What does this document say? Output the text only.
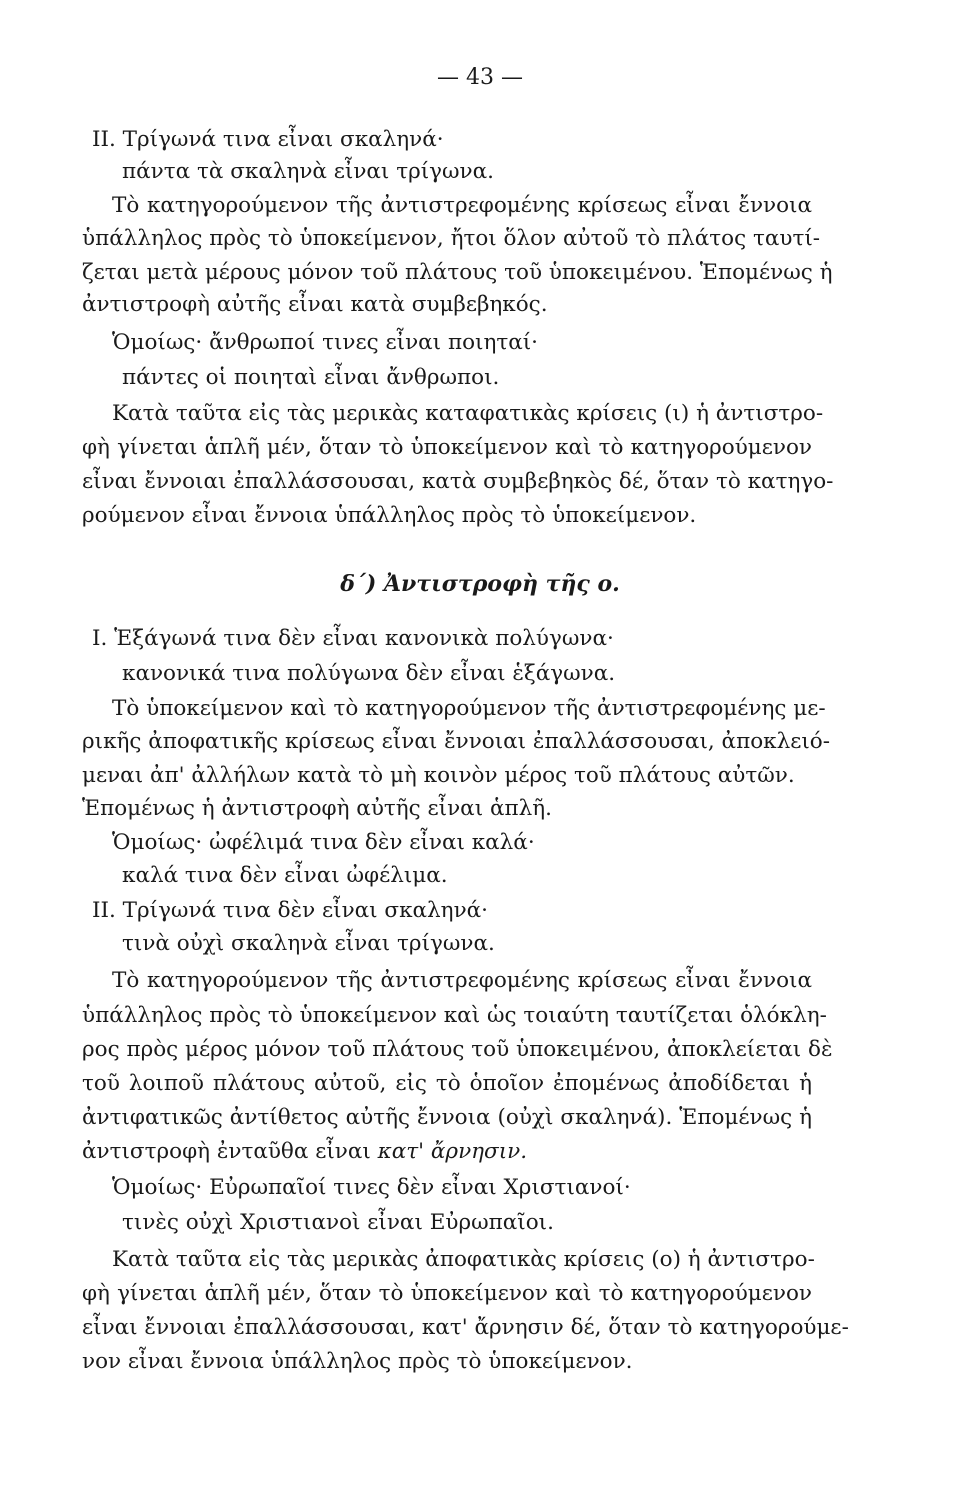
— 43 —
ΙΙ. Τρίγωνά τινα εἶναι σκαληνά·
πάντα τὰ σκαληνὰ εἶναι τρίγωνα.
Τὸ κατηγορούμενον τῆς ἀντιστρεφομένης κρίσεως εἶναι ἔννοια
ὑπάλληλος πρὸς τὸ ὑποκείμενον, ἤτοι ὅλον αὐτοῦ τὸ πλάτος ταυτί-
ζεται μετὰ μέρους μόνον τοῦ πλάτους τοῦ ὑποκειμένου. Ἑπομένως ἡ
ἀντιστροφὴ αὐτῆς εἶναι κατὰ συμβεβηκός.
Ὁμοίως· ἄνθρωποί τινες εἶναι ποιηταί·
πάντες οἱ ποιηταὶ εἶναι ἄνθρωποι.
Κατὰ ταῦτα εἰς τὰς μερικὰς καταφατικὰς κρίσεις (ι) ἡ ἀντιστρο-
φὴ γίνεται ἁπλῆ μέν, ὅταν τὸ ὑποκείμενον καὶ τὸ κατηγορούμενον
εἶναι ἔννοιαι ἐπαλλάσσουσαι, κατὰ συμβεβηκὸς δέ, ὅταν τὸ κατηγο-
ρούμενον εἶναι ἔννοια ὑπάλληλος πρὸς τὸ ὑποκείμενον.
δ΄) Ἀντιστροφὴ τῆς ο.
Ι. Ἑξάγωνά τινα δὲν εἶναι κανονικὰ πολύγωνα·
κανονικά τινα πολύγωνα δὲν εἶναι ἑξάγωνα.
Τὸ ὑποκείμενον καὶ τὸ κατηγορούμενον τῆς ἀντιστρεφομένης με-
ρικῆς ἀποφατικῆς κρίσεως εἶναι ἔννοιαι ἐπαλλάσσουσαι, ἀποκλειό-
μεναι ἀπ' ἀλλήλων κατὰ τὸ μὴ κοινὸν μέρος τοῦ πλάτους αὐτῶν.
Ἑπομένως ἡ ἀντιστροφὴ αὐτῆς εἶναι ἁπλῆ.
Ὁμοίως· ὠφέλιμά τινα δὲν εἶναι καλά·
καλά τινα δὲν εἶναι ὠφέλιμα.
ΙΙ. Τρίγωνά τινα δὲν εἶναι σκαληνά·
τινὰ οὐχὶ σκαληνὰ εἶναι τρίγωνα.
Τὸ κατηγορούμενον τῆς ἀντιστρεφομένης κρίσεως εἶναι ἔννοια
ὑπάλληλος πρὸς τὸ ὑποκείμενον καὶ ὡς τοιαύτη ταυτίζεται ὁλόκλη-
ρος πρὸς μέρος μόνον τοῦ πλάτους τοῦ ὑποκειμένου, ἀποκλείεται δὲ
τοῦ λοιποῦ πλάτους αὐτοῦ, εἰς τὸ ὁποῖον ἐπομένως ἀποδίδεται ἡ
ἀντιφατικῶς ἀντίθετος αὐτῆς ἔννοια (οὐχὶ σκαληνά). Ἑπομένως ἡ
ἀντιστροφὴ ἐνταῦθα εἶναι κατ' ἄρνησιν.
Ὁμοίως· Εὐρωπαῖοί τινες δὲν εἶναι Χριστιανοί·
τινὲς οὐχὶ Χριστιανοὶ εἶναι Εὐρωπαῖοι.
Κατὰ ταῦτα εἰς τὰς μερικὰς ἀποφατικὰς κρίσεις (ο) ἡ ἀντιστρο-
φὴ γίνεται ἁπλῆ μέν, ὅταν τὸ ὑποκείμενον καὶ τὸ κατηγορούμενον
εἶναι ἔννοιαι ἐπαλλάσσουσαι, κατ' ἄρνησιν δέ, ὅταν τὸ κατηγορούμε-
νον εἶναι ἔννοια ὑπάλληλος πρὸς τὸ ὑποκείμενον.
